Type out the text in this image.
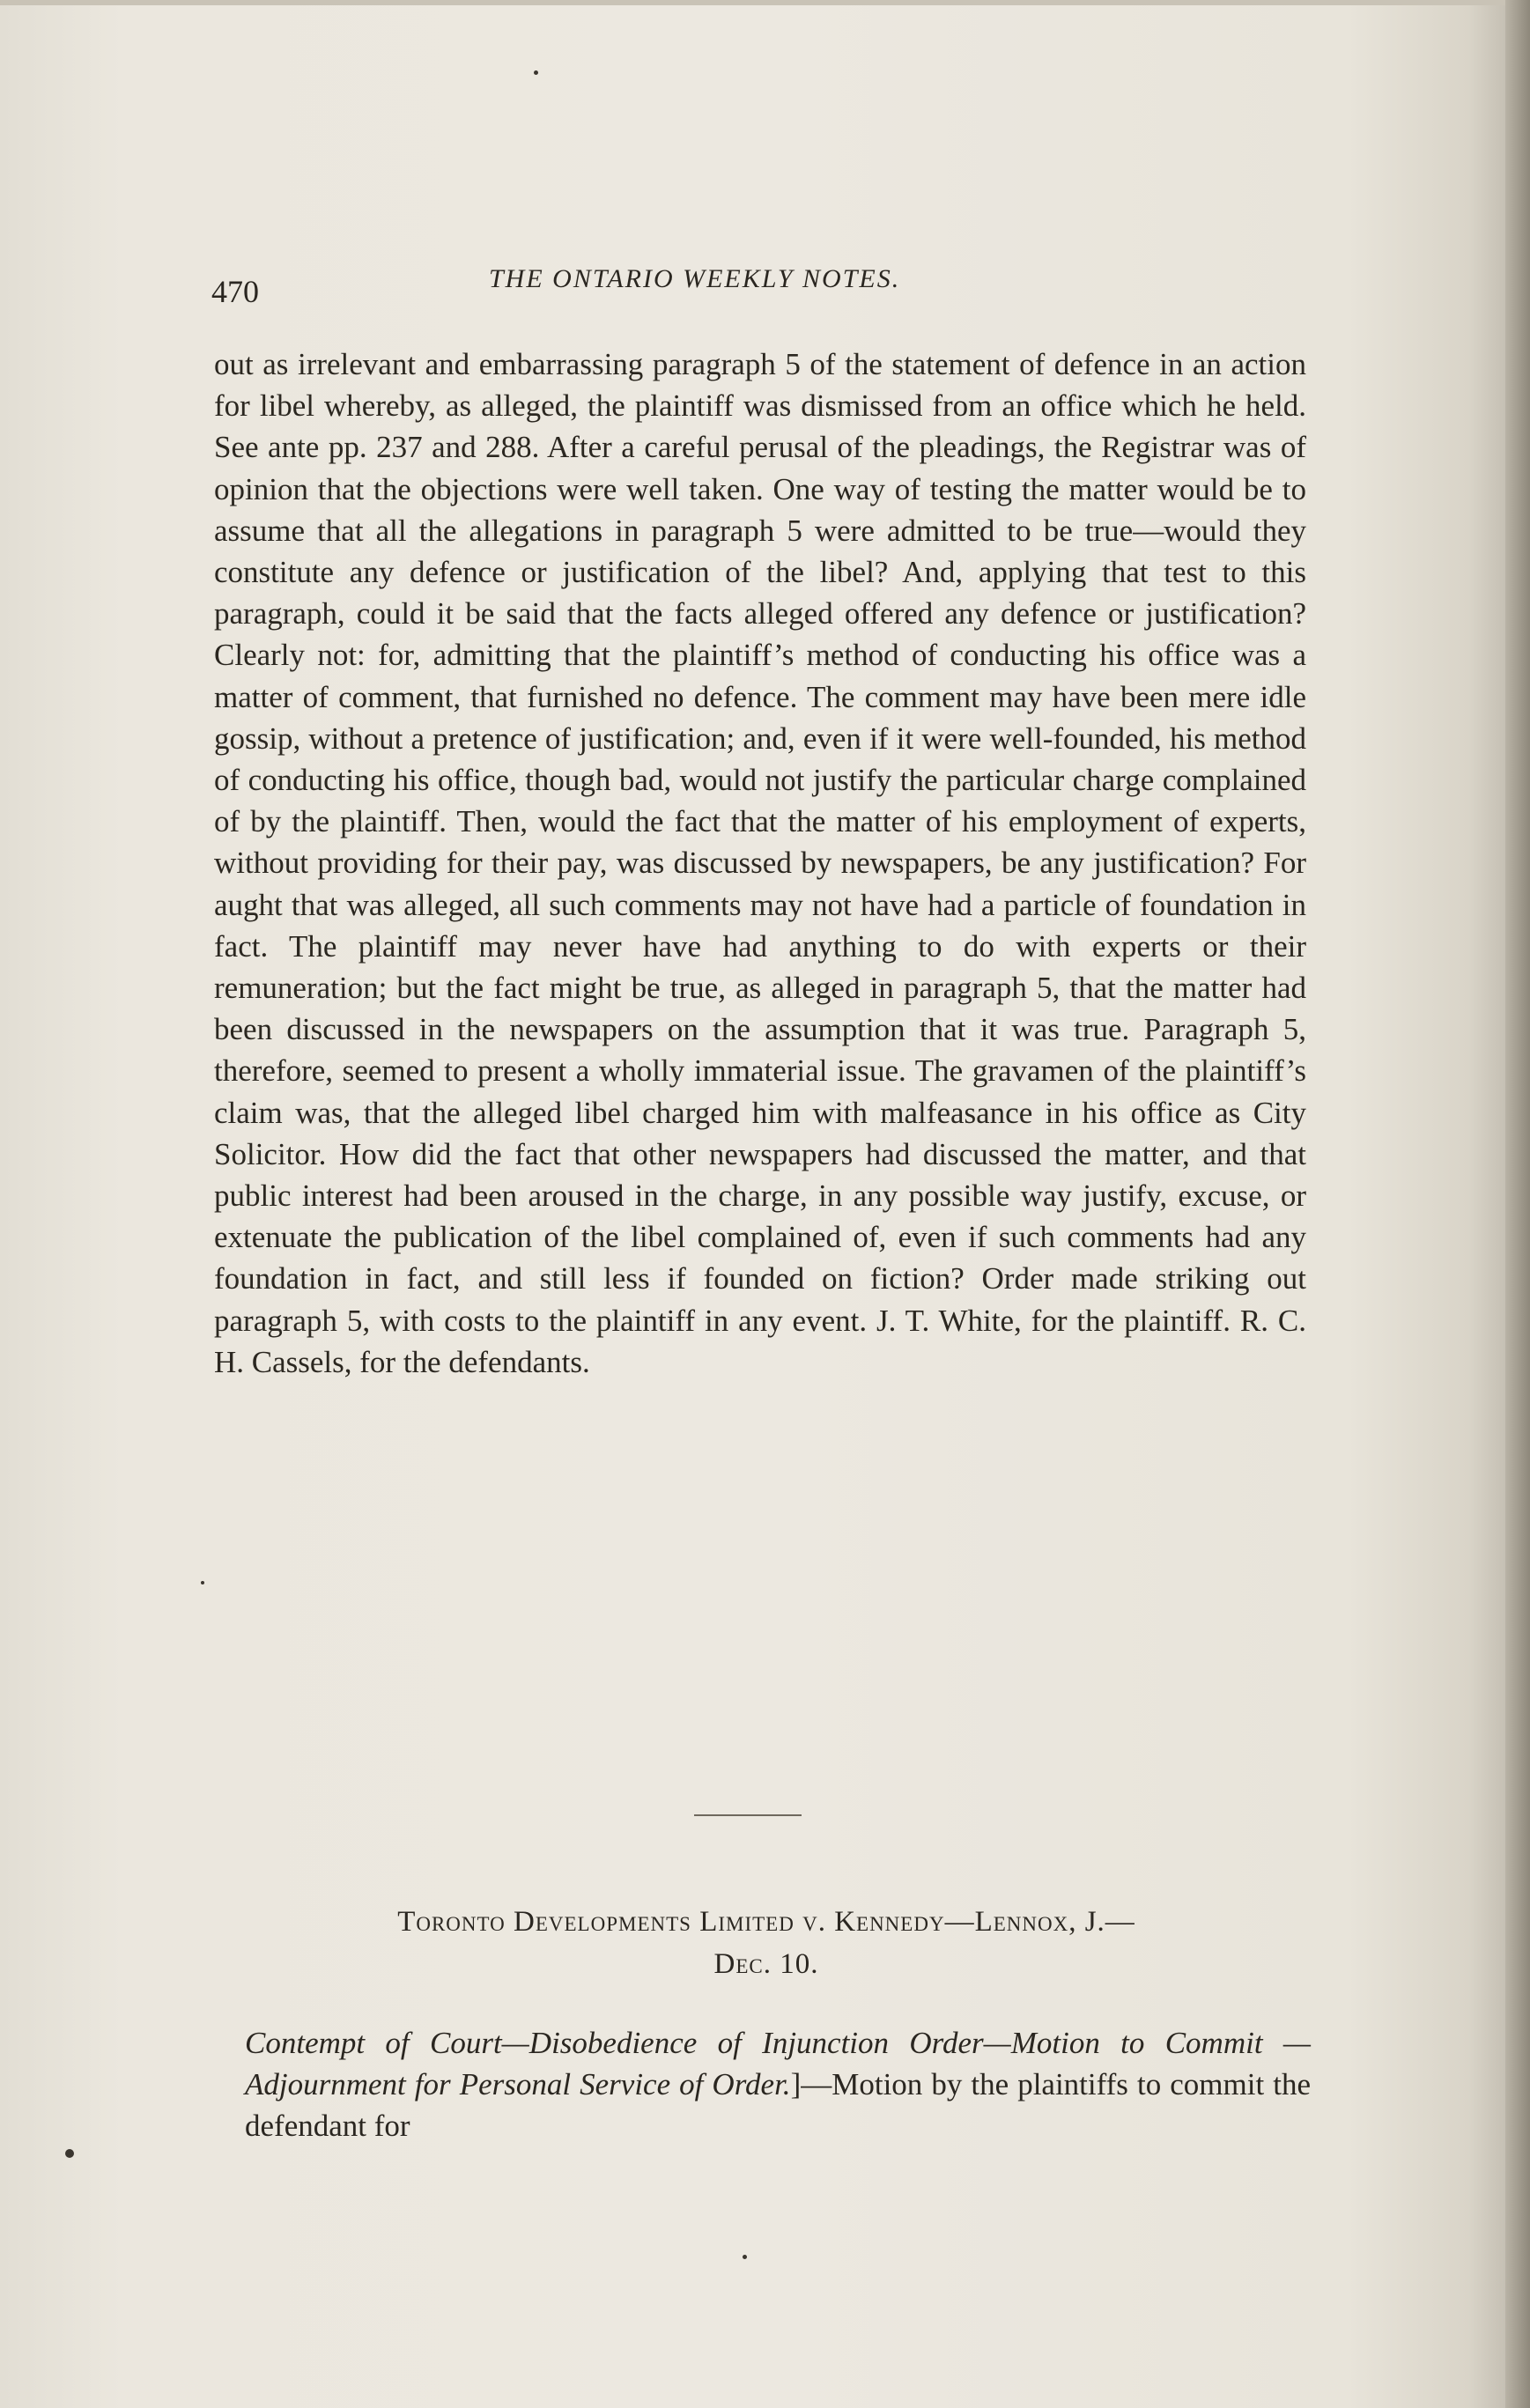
470	THE ONTARIO WEEKLY NOTES.
out as irrelevant and embarrassing paragraph 5 of the statement of defence in an action for libel whereby, as alleged, the plaintiff was dismissed from an office which he held. See ante pp. 237 and 288. After a careful perusal of the pleadings, the Registrar was of opinion that the objections were well taken. One way of testing the matter would be to assume that all the allegations in paragraph 5 were admitted to be true—would they constitute any defence or justification of the libel? And, applying that test to this paragraph, could it be said that the facts alleged offered any defence or justification? Clearly not: for, admitting that the plaintiff’s method of conducting his office was a matter of comment, that furnished no defence. The comment may have been mere idle gossip, without a pretence of justification; and, even if it were well-founded, his method of conducting his office, though bad, would not justify the particular charge complained of by the plaintiff. Then, would the fact that the matter of his employment of experts, without providing for their pay, was discussed by newspapers, be any justification? For aught that was alleged, all such comments may not have had a particle of foundation in fact. The plaintiff may never have had anything to do with experts or their remuneration; but the fact might be true, as alleged in paragraph 5, that the matter had been discussed in the newspapers on the assumption that it was true. Paragraph 5, therefore, seemed to present a wholly immaterial issue. The gravamen of the plaintiff’s claim was, that the alleged libel charged him with malfeasance in his office as City Solicitor. How did the fact that other newspapers had discussed the matter, and that public interest had been aroused in the charge, in any possible way justify, excuse, or extenuate the publication of the libel complained of, even if such comments had any foundation in fact, and still less if founded on fiction? Order made striking out paragraph 5, with costs to the plaintiff in any event. J. T. White, for the plaintiff. R. C. H. Cassels, for the defendants.
Toronto Developments Limited v. Kennedy—Lennox, J.—
Dec. 10.
Contempt of Court—Disobedience of Injunction Order—Motion to Commit — Adjournment for Personal Service of Order.]—Motion by the plaintiffs to commit the defendant for
